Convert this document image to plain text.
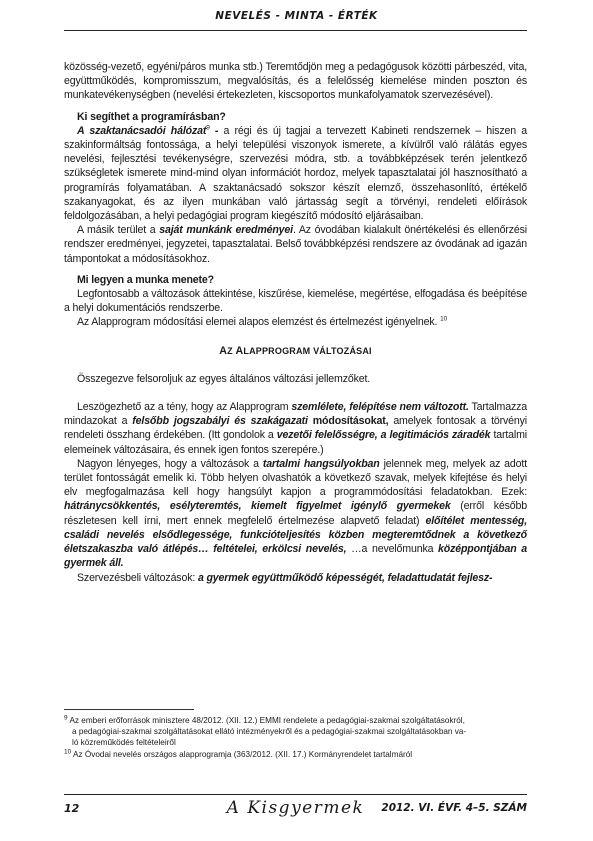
NEVELÉS - MINTA - ÉRTÉK

közösség-vezető, egyéni/páros munka stb.) Teremtődjön meg a pedagógusok közötti párbeszéd, vita, együttműködés, kompromisszum, megvalósítás, és a felelősség kiemelése minden poszton és munkatevékenységben (nevelési értekezleten, kiscsoportos munkafolyamatok szervezésével).

Ki segíthet a programírásban?

A szaktanácsadói hálózat$^9$ - a régi és új tagjai a tervezett Kabineti rendszernek – hiszen a szakinformáltság fontossága, a helyi települési viszonyok ismerete, a kívülről való rálátás egyes nevelési, fejlesztési tevékenységre, szervezési módra, stb. a továbbképzések terén jelentkező szükségletek ismerete mind-mind olyan információt hordoz, melyek tapasztalatai jól hasznosítható a programírás folyamatában. A szaktanácsadó sokszor készít elemző, összehasonlító, értékelő szakanyagokat, és az ilyen munkában való jártasság segít a törvényi, rendeleti előírások feldolgozásában, a helyi pedagógiai program kiegészítő módosító eljárásaiban.

A másik terület a saját munkánk eredményei. Az óvodában kialakult önértékelési és ellenőrzési rendszer eredményei, jegyzetei, tapasztalatai. Belső továbbképzési rendszere az óvodának ad igazán támpontokat a módosításokhoz.

Mi legyen a munka menete?

Legfontosabb a változások áttekintése, kiszűrése, kiemelése, megértése, elfogadása és beépítése a helyi dokumentációs rendszerbe.

Az Alapprogram módosítási elemei alapos elemzést és értelmezést igényelnek. $^{10}$

AZ ALAPPROGRAM VÁLTOZÁSAI

Összegezve felsoroljuk az egyes általános változási jellemzőket.

Leszögezhető az a tény, hogy az Alapprogram szemlélete, felépítése nem változott. Tartalmazza mindazokat a felsőbb jogszabályi és szakágazati módosításokat, amelyek fontosak a törvényi rendeleti összhang érdekében. (Itt gondolok a vezetői felelősségre, a legitimációs záradék tartalmi elemeinek változásaira, és ennek igen fontos szerepére.)

Nagyon lényeges, hogy a változások a tartalmi hangsúlyokban jelennek meg, melyek az adott terület fontosságát emelik ki. Több helyen olvashatók a következő szavak, melyek kifejtése és helyi elv megfogalmazása kell hogy hangsúlyt kapjon a programmódosítási feladatokban. Ezek: hátránycsökkentés, esélyteremtés, kiemelt figyelmet igénylő gyermekek (erről később részletesen kell írni, mert ennek megfelelő értelmezése alapvető feladat) előítélet mentesség, családi nevelés elsődlegessége, funkcióteljesítés közben megteremtődnek a következő életszakaszba való átlépés… feltételei, erkölcsi nevelés, …a nevelőmunka középpontjában a gyermek áll.

Szervezésbeli változások: a gyermek együttműködő képességét, feladattudatát fejlesz-

$^9$ Az emberi erőforrások minisztere 48/2012. (XII. 12.) EMMI rendelete a pedagógiai-szakmai szolgáltatásokról,

a pedagógiai-szakmai szolgáltatásokat ellátó intézményekről és a pedagógiai-szakmai szolgáltatásokban va-

ló közreműködés feltételeiről

$^{10}$ Az Óvodai nevelés országos alapprogramja (363/2012. (XII. 17.) Kormányrendelet tartalmáról

12	A Kisgyermek	2012. VI. ÉVF. 4–5. SZÁM
